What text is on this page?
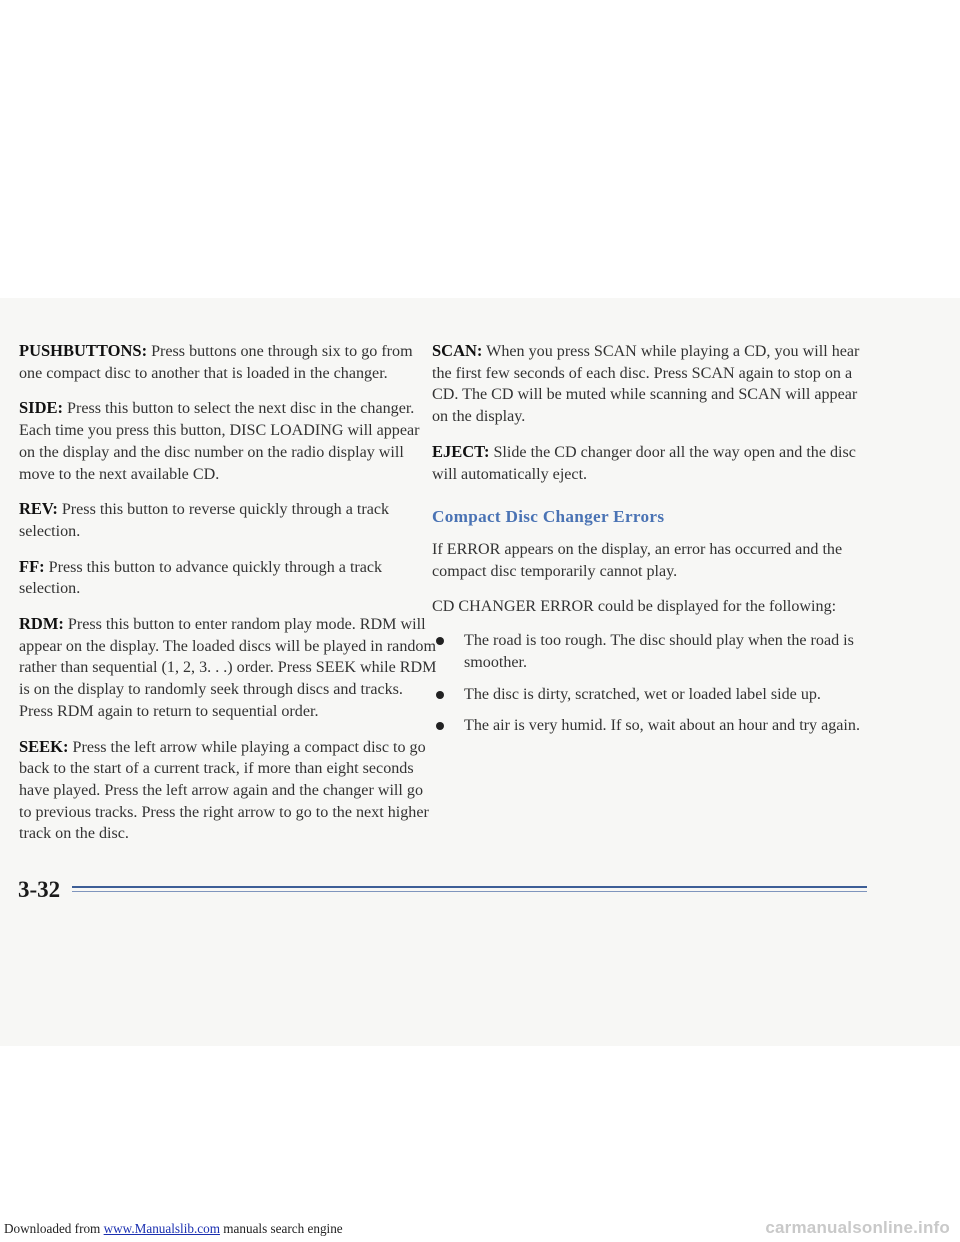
PUSHBUTTONS: Press buttons one through six to go from one compact disc to another that is loaded in the changer.

SIDE: Press this button to select the next disc in the changer. Each time you press this button, DISC LOADING will appear on the display and the disc number on the radio display will move to the next available CD.

REV: Press this button to reverse quickly through a track selection.

FF: Press this button to advance quickly through a track selection.

RDM: Press this button to enter random play mode. RDM will appear on the display. The loaded discs will be played in random rather than sequential (1, 2, 3. . .) order. Press SEEK while RDM is on the display to randomly seek through discs and tracks. Press RDM again to return to sequential order.

SEEK: Press the left arrow while playing a compact disc to go back to the start of a current track, if more than eight seconds have played. Press the left arrow again and the changer will go to previous tracks. Press the right arrow to go to the next higher track on the disc.

SCAN: When you press SCAN while playing a CD, you will hear the first few seconds of each disc. Press SCAN again to stop on a CD. The CD will be muted while scanning and SCAN will appear on the display.

EJECT: Slide the CD changer door all the way open and the disc will automatically eject.

Compact Disc Changer Errors

If ERROR appears on the display, an error has occurred and the compact disc temporarily cannot play.

CD CHANGER ERROR could be displayed for the following:

The road is too rough. The disc should play when the road is smoother.
The disc is dirty, scratched, wet or loaded label side up.
The air is very humid. If so, wait about an hour and try again.
3-32
Downloaded from www.Manualslib.com manuals search engine	carmanualsonline.info
